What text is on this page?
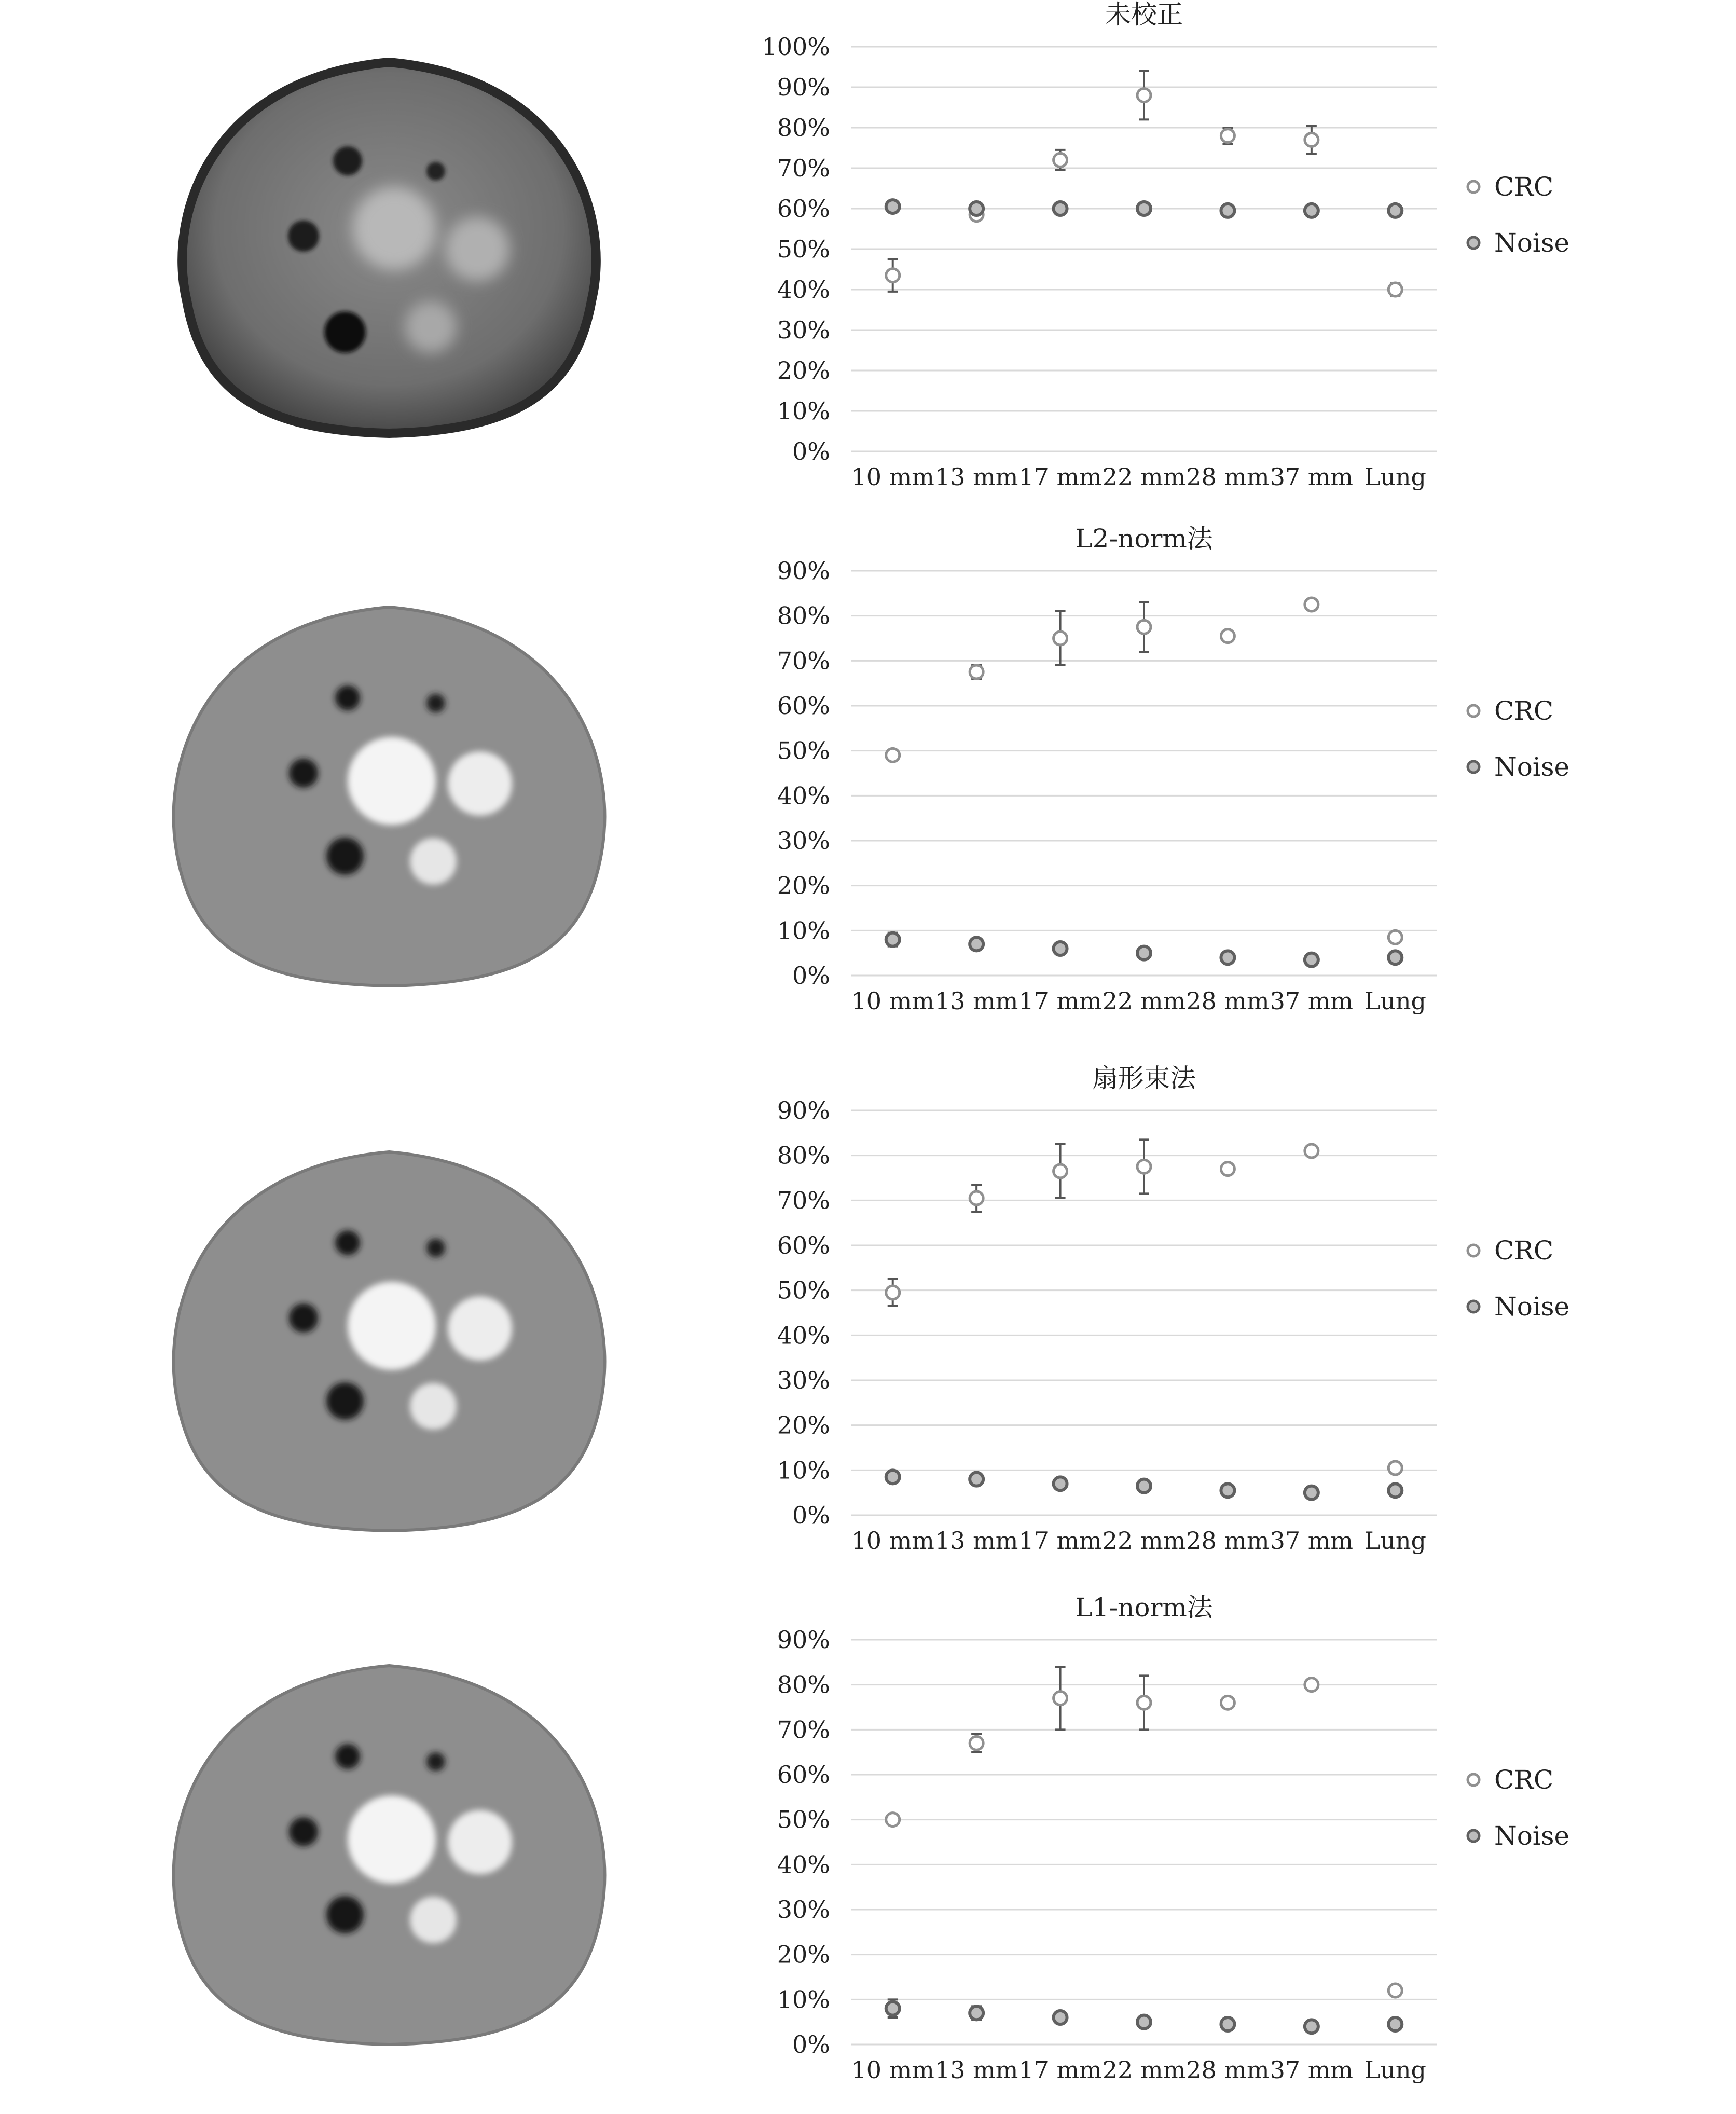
未校正
100%
90%
80%
70%
60%
50%
40%
30%
20%
10%
0%
10 mm 13 mm 17 mm 22 mm 28 mm 37 mm Lung
CRC
Noise
L2-norm法
90%
80%
70%
60%
50%
40%
30%
20%
10%
0%
10 mm 13 mm 17 mm 22 mm 28 mm 37 mm Lung
CRC
Noise
扇形束法
90%
80%
70%
60%
50%
40%
30%
20%
10%
0%
10 mm 13 mm 17 mm 22 mm 28 mm 37 mm Lung
CRC
Noise
L1-norm法
90%
80%
70%
60%
50%
40%
30%
20%
10%
0%
10 mm 13 mm 17 mm 22 mm 28 mm 37 mm Lung
CRC
Noise
